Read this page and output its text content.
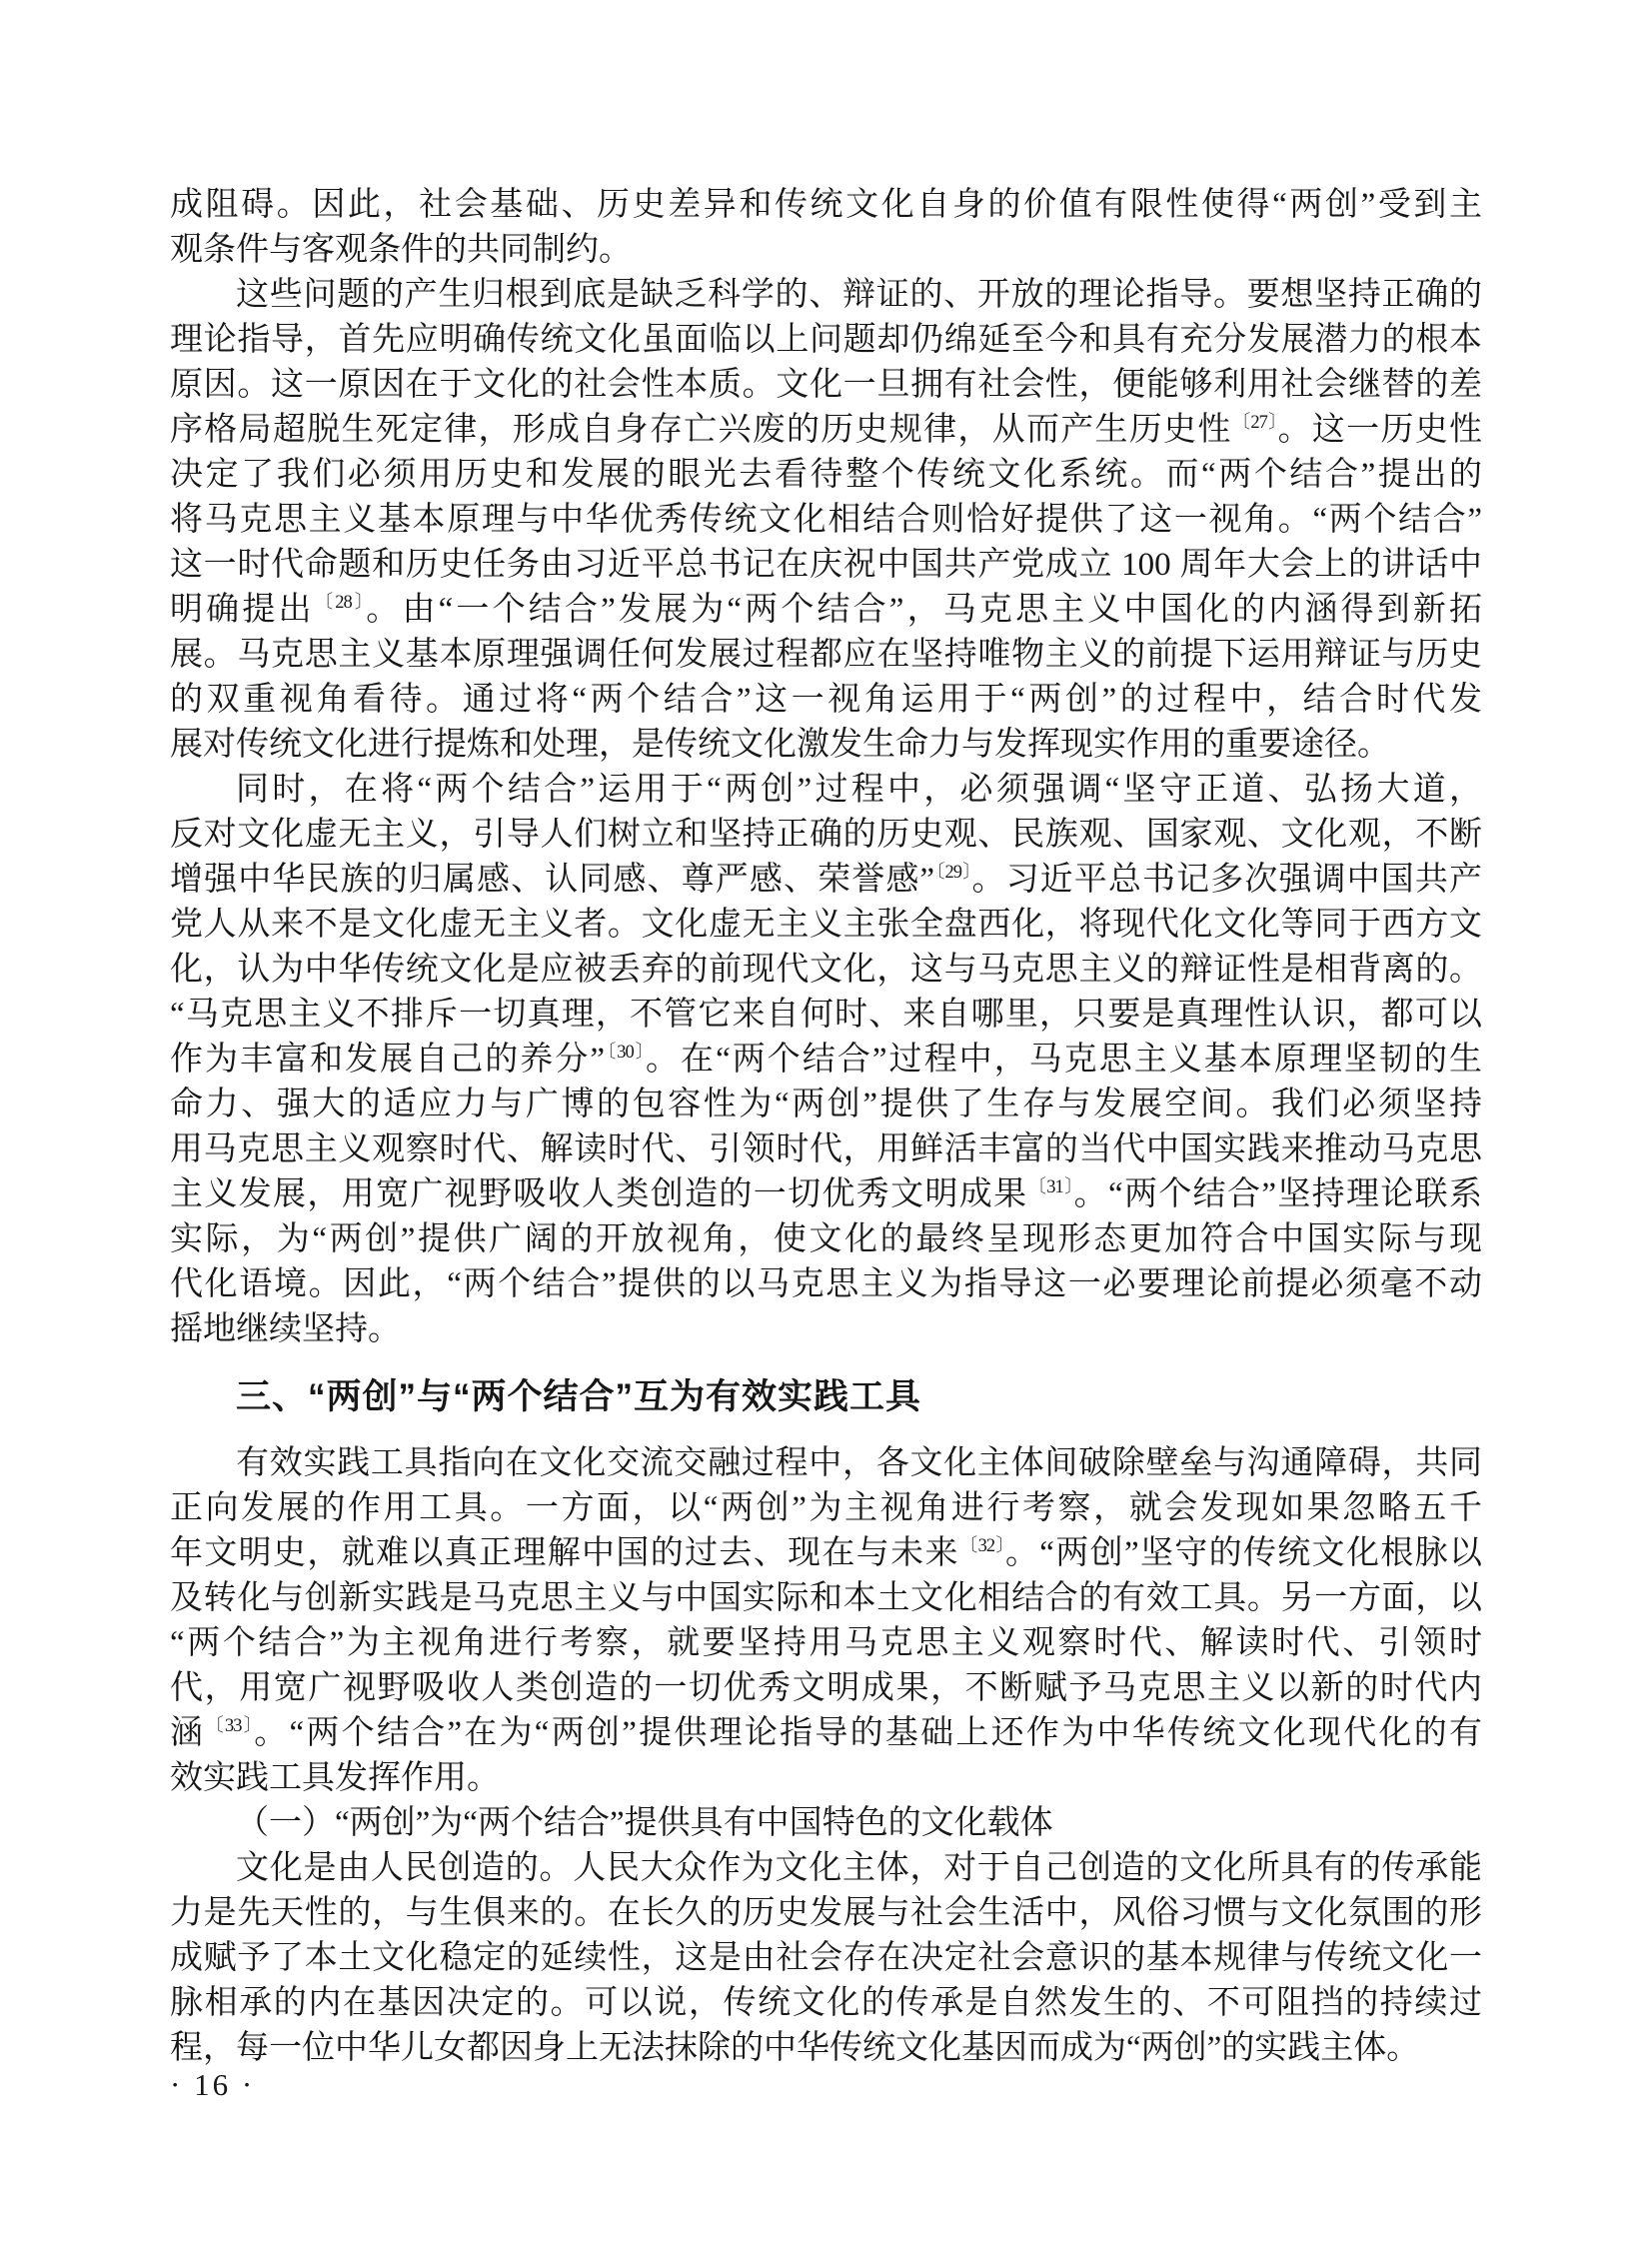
成阻碍。因此，社会基础、历史差异和传统文化自身的价值有限性使得“两创”受到主
观条件与客观条件的共同制约。
这些问题的产生归根到底是缺乏科学的、辩证的、开放的理论指导。要想坚持正确的
理论指导，首先应明确传统文化虽面临以上问题却仍绵延至今和具有充分发展潜力的根本
原因。这一原因在于文化的社会性本质。文化一旦拥有社会性，便能够利用社会继替的差
序格局超脱生死定律，形成自身存亡兴废的历史规律，从而产生历史性$^{〔27〕}$。这一历史性
决定了我们必须用历史和发展的眼光去看待整个传统文化系统。而“两个结合”提出的
将马克思主义基本原理与中华优秀传统文化相结合则恰好提供了这一视角。“两个结合”
这一时代命题和历史任务由习近平总书记在庆祝中国共产党成立 100 周年大会上的讲话中
明确提出$^{〔28〕}$。由“一个结合”发展为“两个结合”，马克思主义中国化的内涵得到新拓
展。马克思主义基本原理强调任何发展过程都应在坚持唯物主义的前提下运用辩证与历史
的双重视角看待。通过将“两个结合”这一视角运用于“两创”的过程中，结合时代发
展对传统文化进行提炼和处理，是传统文化激发生命力与发挥现实作用的重要途径。
同时，在将“两个结合”运用于“两创”过程中，必须强调“坚守正道、弘扬大道，
反对文化虚无主义，引导人们树立和坚持正确的历史观、民族观、国家观、文化观，不断
增强中华民族的归属感、认同感、尊严感、荣誉感”$^{〔29〕}$。习近平总书记多次强调中国共产
党人从来不是文化虚无主义者。文化虚无主义主张全盘西化，将现代化文化等同于西方文
化，认为中华传统文化是应被丢弃的前现代文化，这与马克思主义的辩证性是相背离的。
“马克思主义不排斥一切真理，不管它来自何时、来自哪里，只要是真理性认识，都可以
作为丰富和发展自己的养分”$^{〔30〕}$。在“两个结合”过程中，马克思主义基本原理坚韧的生
命力、强大的适应力与广博的包容性为“两创”提供了生存与发展空间。我们必须坚持
用马克思主义观察时代、解读时代、引领时代，用鲜活丰富的当代中国实践来推动马克思
主义发展，用宽广视野吸收人类创造的一切优秀文明成果$^{〔31〕}$。“两个结合”坚持理论联系
实际，为“两创”提供广阔的开放视角，使文化的最终呈现形态更加符合中国实际与现
代化语境。因此，“两个结合”提供的以马克思主义为指导这一必要理论前提必须毫不动
摇地继续坚持。
三、“两创”与“两个结合”互为有效实践工具
有效实践工具指向在文化交流交融过程中，各文化主体间破除壁垒与沟通障碍，共同
正向发展的作用工具。一方面，以“两创”为主视角进行考察，就会发现如果忽略五千
年文明史，就难以真正理解中国的过去、现在与未来$^{〔32〕}$。“两创”坚守的传统文化根脉以
及转化与创新实践是马克思主义与中国实际和本土文化相结合的有效工具。另一方面，以
“两个结合”为主视角进行考察，就要坚持用马克思主义观察时代、解读时代、引领时
代，用宽广视野吸收人类创造的一切优秀文明成果，不断赋予马克思主义以新的时代内
涵$^{〔33〕}$。“两个结合”在为“两创”提供理论指导的基础上还作为中华传统文化现代化的有
效实践工具发挥作用。
（一）“两创”为“两个结合”提供具有中国特色的文化载体
文化是由人民创造的。人民大众作为文化主体，对于自己创造的文化所具有的传承能
力是先天性的，与生俱来的。在长久的历史发展与社会生活中，风俗习惯与文化氛围的形
成赋予了本土文化稳定的延续性，这是由社会存在决定社会意识的基本规律与传统文化一
脉相承的内在基因决定的。可以说，传统文化的传承是自然发生的、不可阻挡的持续过
程，每一位中华儿女都因身上无法抹除的中华传统文化基因而成为“两创”的实践主体。
· 16 ·
